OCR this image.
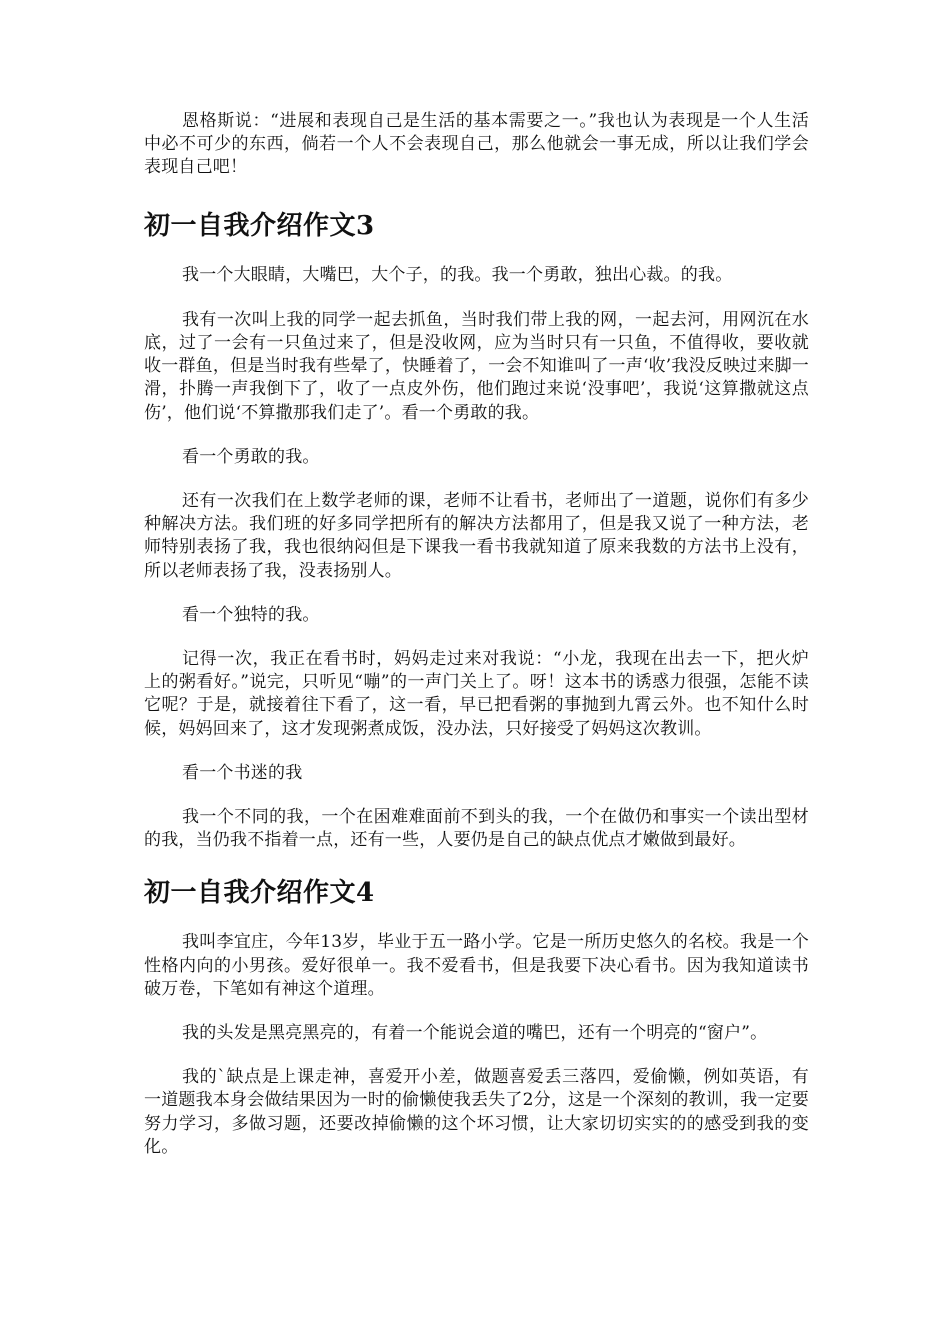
恩格斯说：“进展和表现自己是生活的基本需要之一。”我也认为表现是一个人生活中必不可少的东西，倘若一个人不会表现自己，那么他就会一事无成，所以让我们学会表现自己吧！

初一自我介绍作文3

我一个大眼睛，大嘴巴，大个子，的我。我一个勇敢，独出心裁。的我。

我有一次叫上我的同学一起去抓鱼，当时我们带上我的网，一起去河，用网沉在水底，过了一会有一只鱼过来了，但是没收网，应为当时只有一只鱼，不值得收，要收就收一群鱼，但是当时我有些晕了，快睡着了，一会不知谁叫了一声‘收’我没反映过来脚一滑，扑腾一声我倒下了，收了一点皮外伤，他们跑过来说‘没事吧’，我说‘这算撒就这点伤’，他们说‘不算撒那我们走了’。看一个勇敢的我。

看一个勇敢的我。

还有一次我们在上数学老师的课，老师不让看书，老师出了一道题，说你们有多少种解决方法。我们班的好多同学把所有的解决方法都用了，但是我又说了一种方法，老师特别表扬了我，我也很纳闷但是下课我一看书我就知道了原来我数的方法书上没有，所以老师表扬了我，没表扬别人。

看一个独特的我。

记得一次，我正在看书时，妈妈走过来对我说：“小龙，我现在出去一下，把火炉上的粥看好。”说完，只听见“嘣”的一声门关上了。呀！这本书的诱惑力很强，怎能不读它呢？于是，就接着往下看了，这一看，早已把看粥的事抛到九霄云外。也不知什么时候，妈妈回来了，这才发现粥煮成饭，没办法，只好接受了妈妈这次教训。

看一个书迷的我

我一个不同的我，一个在困难难面前不到头的我，一个在做仍和事实一个读出型材的我，当仍我不指着一点，还有一些，人要仍是自己的缺点优点才嫩做到最好。

初一自我介绍作文4

我叫李宜庄，今年13岁，毕业于五一路小学。它是一所历史悠久的名校。我是一个性格内向的小男孩。爱好很单一。我不爱看书，但是我要下决心看书。因为我知道读书破万卷，下笔如有神这个道理。

我的头发是黑亮黑亮的，有着一个能说会道的嘴巴，还有一个明亮的“窗户”。

我的`缺点是上课走神，喜爱开小差，做题喜爱丢三落四，爱偷懒，例如英语，有一道题我本身会做结果因为一时的偷懒使我丢失了2分，这是一个深刻的教训，我一定要努力学习，多做习题，还要改掉偷懒的这个坏习惯，让大家切切实实的的感受到我的变化。
